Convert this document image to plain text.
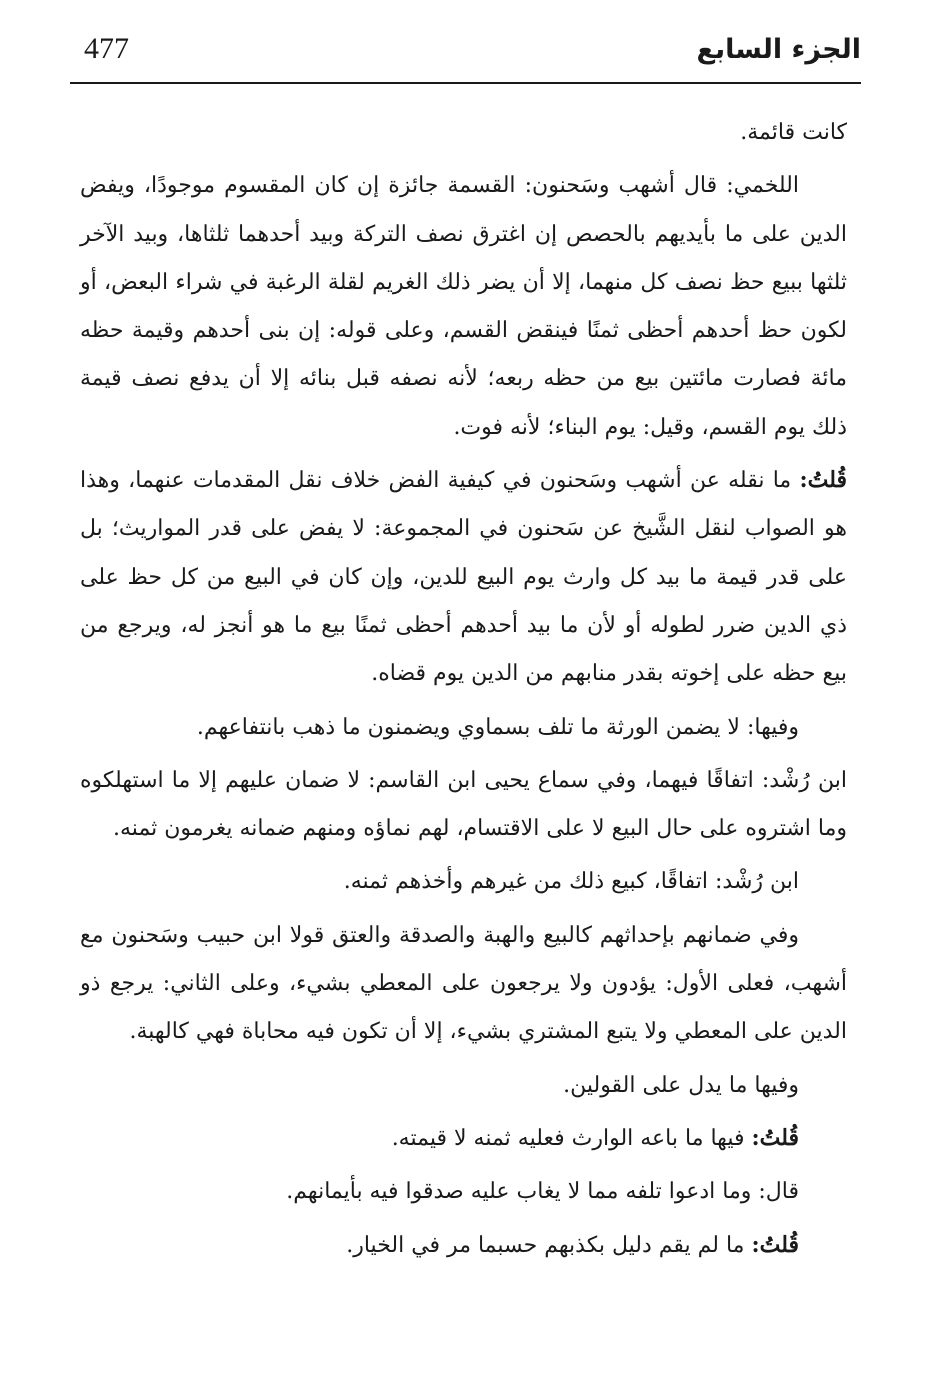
477	الجزء السابع

كانت قائمة.

اللخمي: قال أشهب وسَحنون: القسمة جائزة إن كان المقسوم موجودًا، ويفض الدين على ما بأيديهم بالحصص إن اغترق نصف التركة وبيد أحدهما ثلثاها، وبيد الآخر ثلثها ببيع حظ نصف كل منهما، إلا أن يضر ذلك الغريم لقلة الرغبة في شراء البعض، أو لكون حظ أحدهم أحظى ثمنًا فينقض القسم، وعلى قوله: إن بنى أحدهم وقيمة حظه مائة فصارت مائتين بيع من حظه ربعه؛ لأنه نصفه قبل بنائه إلا أن يدفع نصف قيمة ذلك يوم القسم، وقيل: يوم البناء؛ لأنه فوت.

قُلتُ: ما نقله عن أشهب وسَحنون في كيفية الفض خلاف نقل المقدمات عنهما، وهذا هو الصواب لنقل الشَّيخ عن سَحنون في المجموعة: لا يفض على قدر المواريث؛ بل على قدر قيمة ما بيد كل وارث يوم البيع للدين، وإن كان في البيع من كل حظ على ذي الدين ضرر لطوله أو لأن ما بيد أحدهم أحظى ثمنًا بيع ما هو أنجز له، ويرجع من بيع حظه على إخوته بقدر منابهم من الدين يوم قضاه.

وفيها: لا يضمن الورثة ما تلف بسماوي ويضمنون ما ذهب بانتفاعهم.

ابن رُشْد: اتفاقًا فيهما، وفي سماع يحيى ابن القاسم: لا ضمان عليهم إلا ما استهلكوه وما اشتروه على حال البيع لا على الاقتسام، لهم نماؤه ومنهم ضمانه يغرمون ثمنه.

ابن رُشْد: اتفاقًا، كبيع ذلك من غيرهم وأخذهم ثمنه.

وفي ضمانهم بإحداثهم كالبيع والهبة والصدقة والعتق قولا ابن حبيب وسَحنون مع أشهب، فعلى الأول: يؤدون ولا يرجعون على المعطي بشيء، وعلى الثاني: يرجع ذو الدين على المعطي ولا يتبع المشتري بشيء، إلا أن تكون فيه محاباة فهي كالهبة.

وفيها ما يدل على القولين.

قُلتُ: فيها ما باعه الوارث فعليه ثمنه لا قيمته.

قال: وما ادعوا تلفه مما لا يغاب عليه صدقوا فيه بأيمانهم.

قُلتُ: ما لم يقم دليل بكذبهم حسبما مر في الخيار.
